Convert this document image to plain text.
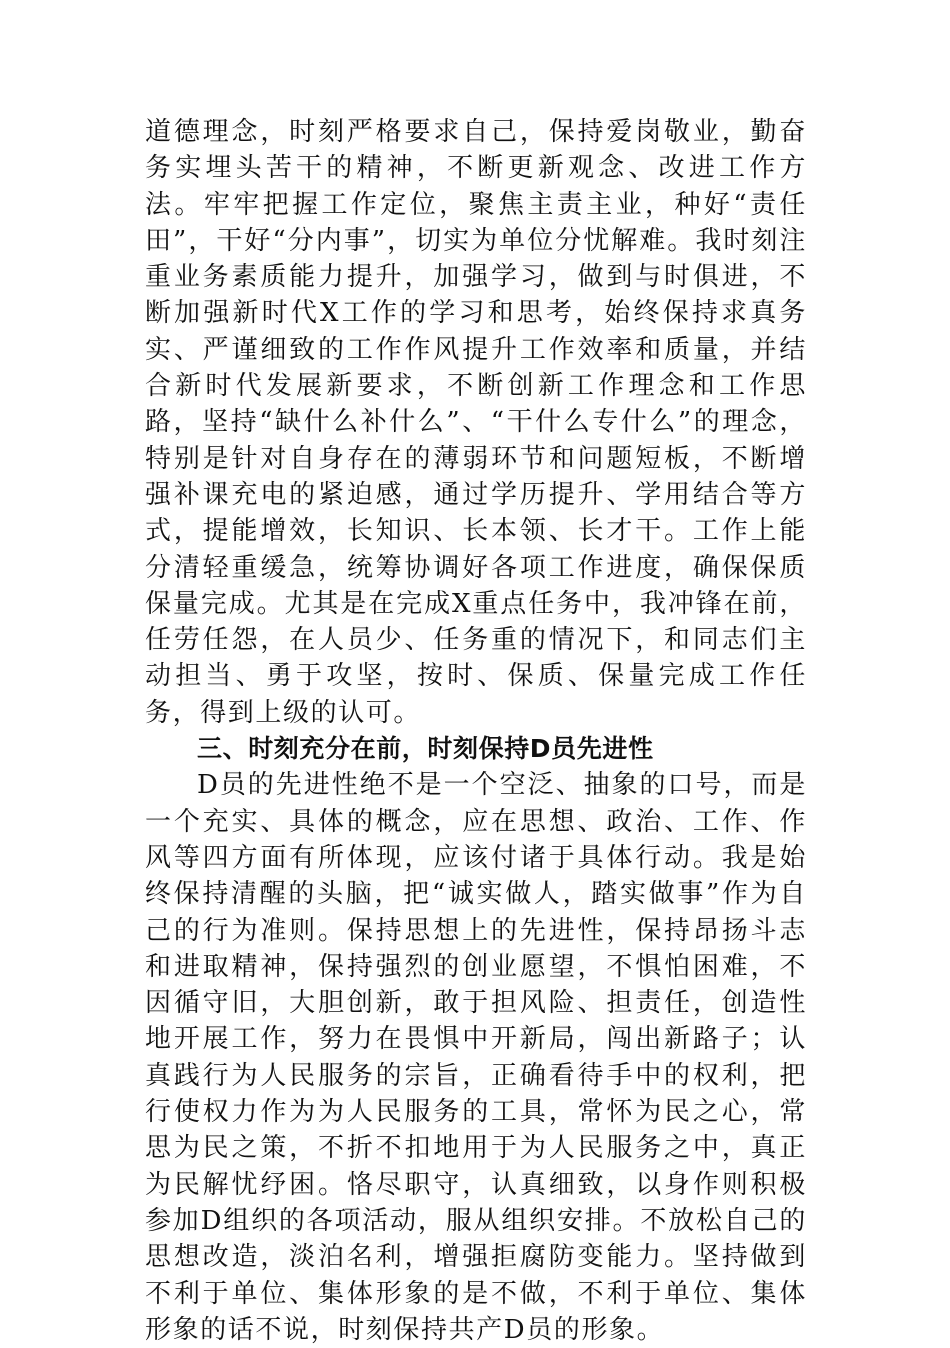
道德理念，时刻严格要求自己，保持爱岗敬业，勤奋务实埋头苦干的精神，不断更新观念、改进工作方法。牢牢把握工作定位，聚焦主责主业，种好“责任田”，干好“分内事”，切实为单位分忧解难。我时刻注重业务素质能力提升，加强学习，做到与时俱进，不断加强新时代X工作的学习和思考，始终保持求真务实、严谨细致的工作作风提升工作效率和质量，并结合新时代发展新要求，不断创新工作理念和工作思路，坚持“缺什么补什么”、“干什么专什么”的理念，特别是针对自身存在的薄弱环节和问题短板，不断增强补课充电的紧迫感，通过学历提升、学用结合等方式，提能增效，长知识、长本领、长才干。工作上能分清轻重缓急，统筹协调好各项工作进度，确保保质保量完成。尤其是在完成X重点任务中，我冲锋在前，任劳任怨，在人员少、任务重的情况下，和同志们主动担当、勇于攻坚，按时、保质、保量完成工作任务，得到上级的认可。

三、时刻充分在前，时刻保持D员先进性

D员的先进性绝不是一个空泛、抽象的口号，而是一个充实、具体的概念，应在思想、政治、工作、作风等四方面有所体现，应该付诸于具体行动。我是始终保持清醒的头脑，把“诚实做人，踏实做事”作为自己的行为准则。保持思想上的先进性，保持昂扬斗志和进取精神，保持强烈的创业愿望，不惧怕困难，不因循守旧，大胆创新，敢于担风险、担责任，创造性地开展工作，努力在畏惧中开新局，闯出新路子；认真践行为人民服务的宗旨，正确看待手中的权利，把行使权力作为为人民服务的工具，常怀为民之心，常思为民之策，不折不扣地用于为人民服务之中，真正为民解忧纾困。恪尽职守，认真细致，以身作则积极参加D组织的各项活动，服从组织安排。不放松自己的思想改造，淡泊名利，增强拒腐防变能力。坚持做到不利于单位、集体形象的是不做，不利于单位、集体形象的话不说，时刻保持共产D员的形象。
